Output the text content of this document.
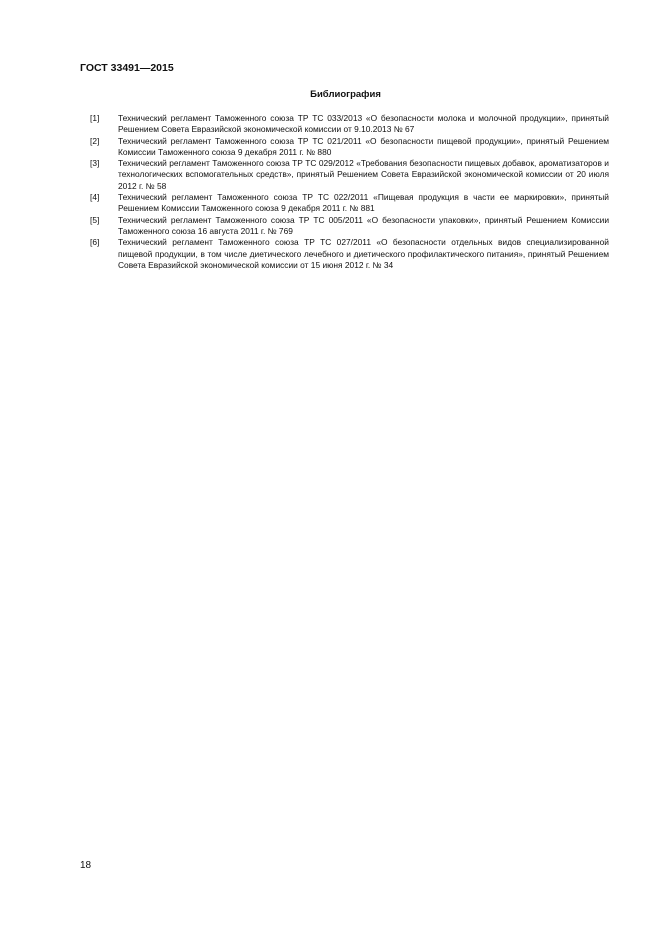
ГОСТ 33491—2015
Библиография
[1]	Технический регламент Таможенного союза ТР ТС 033/2013 «О безопасности молока и молочной продукции», принятый Решением Совета Евразийской экономической комиссии от 9.10.2013 № 67
[2]	Технический регламент Таможенного союза ТР ТС 021/2011 «О безопасности пищевой продукции», принятый Решением Комиссии Таможенного союза 9 декабря 2011 г. № 880
[3]	Технический регламент Таможенного союза ТР ТС 029/2012 «Требования безопасности пищевых добавок, ароматизаторов и технологических вспомогательных средств», принятый Решением Совета Евразийской экономической комиссии от 20 июля 2012 г. № 58
[4]	Технический регламент Таможенного союза ТР ТС 022/2011 «Пищевая продукция в части ее маркировки», принятый Решением Комиссии Таможенного союза 9 декабря 2011 г. № 881
[5]	Технический регламент Таможенного союза ТР ТС 005/2011 «О безопасности упаковки», принятый Решением Комиссии Таможенного союза 16 августа 2011 г. № 769
[6]	Технический регламент Таможенного союза ТР ТС 027/2011 «О безопасности отдельных видов специализированной пищевой продукции, в том числе диетического лечебного и диетического профилактического питания», принятый Решением Совета Евразийской экономической комиссии от 15 июня 2012 г. № 34
18
